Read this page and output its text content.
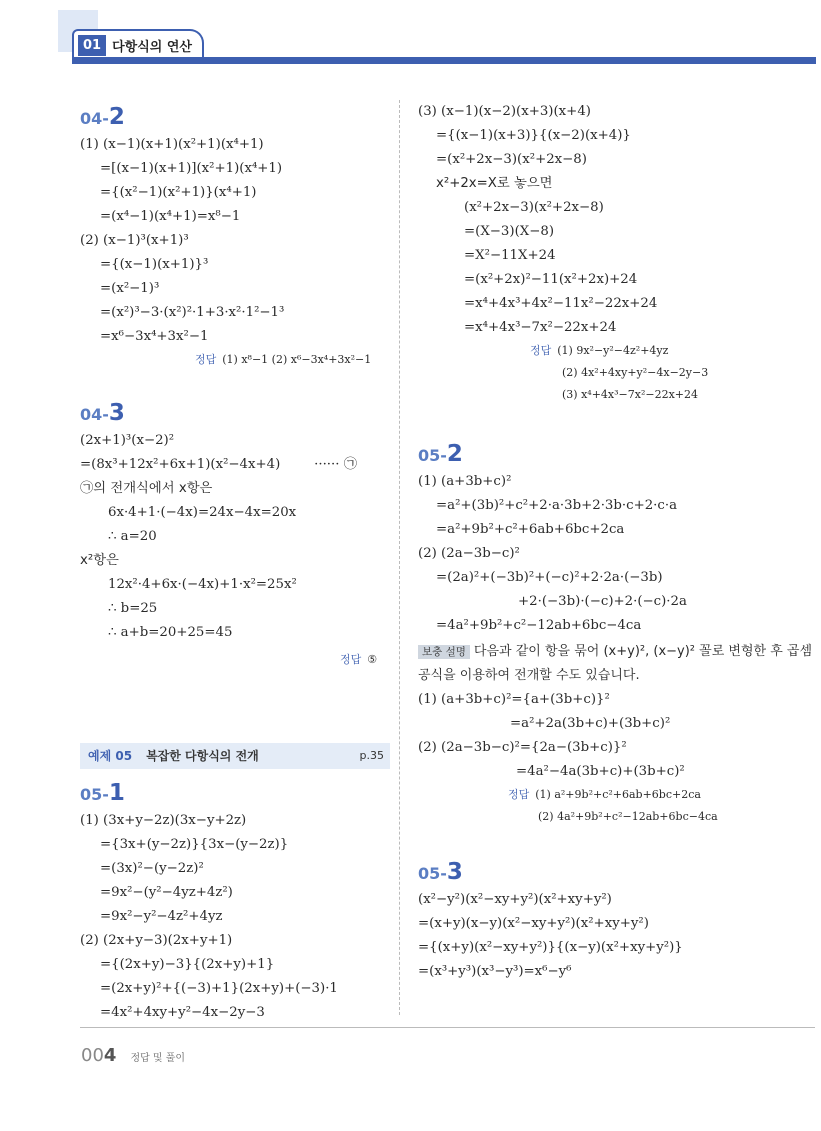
01 다항식의 연산
04-2
(1) (x−1)(x+1)(x²+1)(x⁴+1)
=[(x−1)(x+1)](x²+1)(x⁴+1)
={(x²−1)(x²+1)}(x⁴+1)
=(x⁴−1)(x⁴+1)=x⁸−1
(2) (x−1)³(x+1)³
={(x−1)(x+1)}³
=(x²−1)³
=(x²)³−3·(x²)²·1+3·x²·1²−1³
=x⁶−3x⁴+3x²−1
정답 (1) x⁸−1 (2) x⁶−3x⁴+3x²−1
04-3
(2x+1)³(x−2)²
=(8x³+12x²+6x+1)(x²−4x+4)        ······ ㉠
㉠의 전개식에서 x항은
6x·4+1·(−4x)=24x−4x=20x
∴ a=20
x²항은
12x²·4+6x·(−4x)+1·x²=25x²
∴ b=25
∴ a+b=20+25=45
정답 ⑤
예제 05 복잡한 다항식의 전개	p.35
05-1
(1) (3x+y−2z)(3x−y+2z)
={3x+(y−2z)}{3x−(y−2z)}
=(3x)²−(y−2z)²
=9x²−(y²−4yz+4z²)
=9x²−y²−4z²+4yz
(2) (2x+y−3)(2x+y+1)
={(2x+y)−3}{(2x+y)+1}
=(2x+y)²+{(−3)+1}(2x+y)+(−3)·1
=4x²+4xy+y²−4x−2y−3
(3) (x−1)(x−2)(x+3)(x+4)
={(x−1)(x+3)}{(x−2)(x+4)}
=(x²+2x−3)(x²+2x−8)
x²+2x=X로 놓으면
(x²+2x−3)(x²+2x−8)
=(X−3)(X−8)
=X²−11X+24
=(x²+2x)²−11(x²+2x)+24
=x⁴+4x³+4x²−11x²−22x+24
=x⁴+4x³−7x²−22x+24
정답 (1) 9x²−y²−4z²+4yz
(2) 4x²+4xy+y²−4x−2y−3
(3) x⁴+4x³−7x²−22x+24
05-2
(1) (a+3b+c)²
=a²+(3b)²+c²+2·a·3b+2·3b·c+2·c·a
=a²+9b²+c²+6ab+6bc+2ca
(2) (2a−3b−c)²
=(2a)²+(−3b)²+(−c)²+2·2a·(−3b)
+2·(−3b)·(−c)+2·(−c)·2a
=4a²+9b²+c²−12ab+6bc−4ca
보충 설명 다음과 같이 항을 묶어 (x+y)², (x−y)² 꼴로 변형한 후 곱셈 공식을 이용하여 전개할 수도 있습니다.
(1) (a+3b+c)²={a+(3b+c)}²
=a²+2a(3b+c)+(3b+c)²
(2) (2a−3b−c)²={2a−(3b+c)}²
=4a²−4a(3b+c)+(3b+c)²
정답 (1) a²+9b²+c²+6ab+6bc+2ca
(2) 4a²+9b²+c²−12ab+6bc−4ca
05-3
(x²−y²)(x²−xy+y²)(x²+xy+y²)
=(x+y)(x−y)(x²−xy+y²)(x²+xy+y²)
={(x+y)(x²−xy+y²)}{(x−y)(x²+xy+y²)}
=(x³+y³)(x³−y³)=x⁶−y⁶
004 정답 및 풀이
